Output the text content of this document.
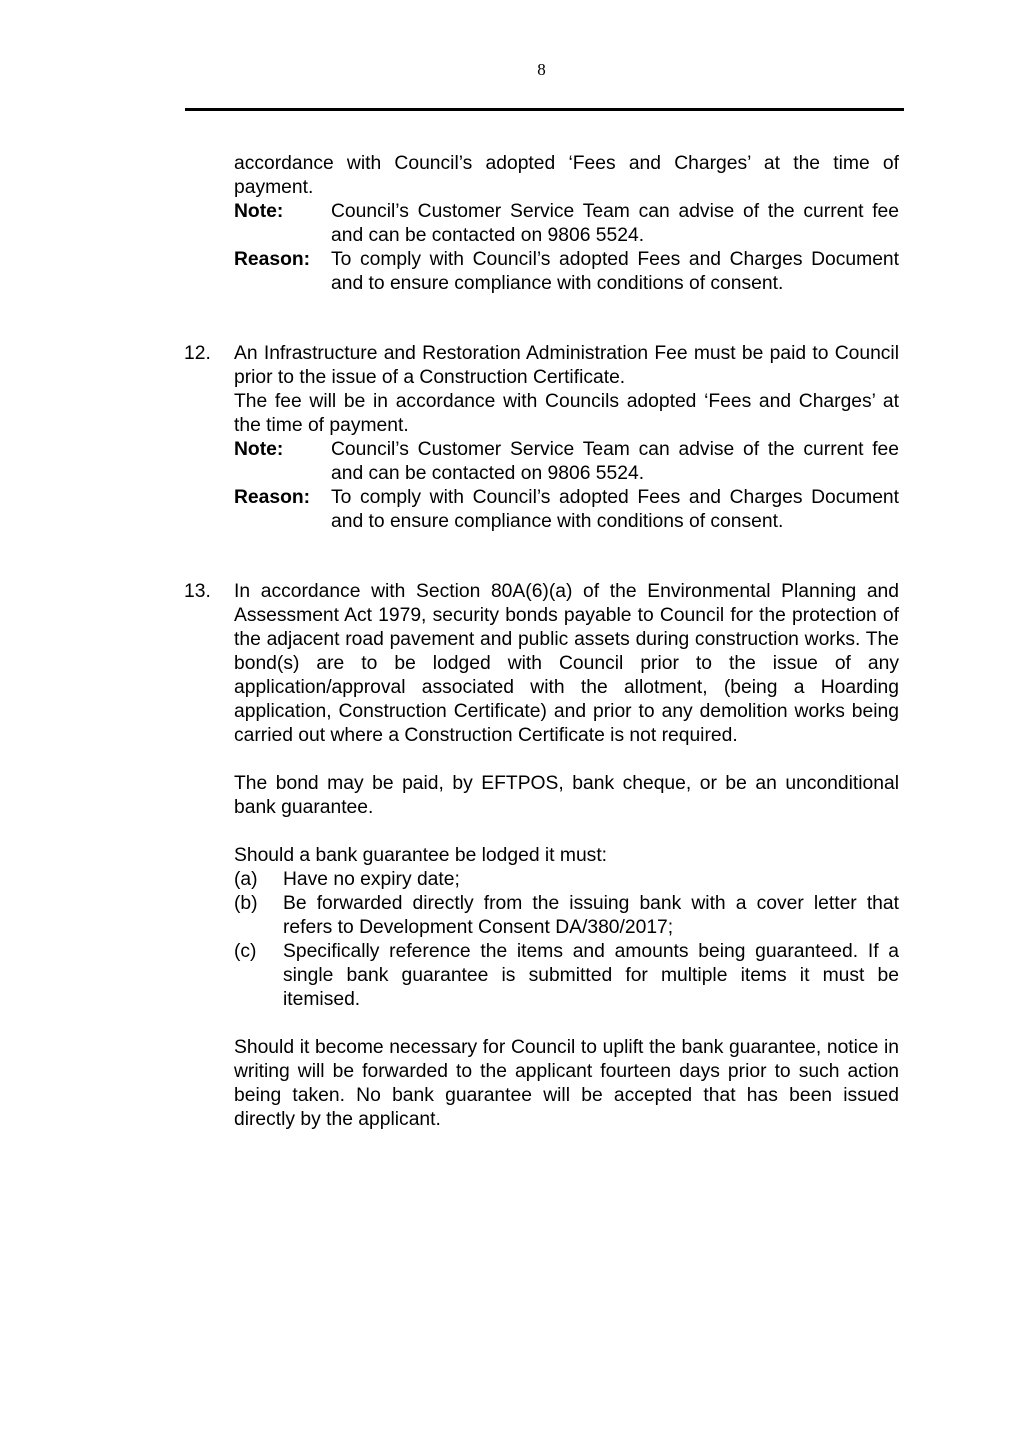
8

accordance with Council’s adopted ‘Fees and Charges’ at the time of payment.

Note:	Council’s Customer Service Team can advise of the current fee and can be contacted on 9806 5524.
Reason:	To comply with Council’s adopted Fees and Charges Document and to ensure compliance with conditions of consent.
12. An Infrastructure and Restoration Administration Fee must be paid to Council prior to the issue of a Construction Certificate.

The fee will be in accordance with Councils adopted ‘Fees and Charges’ at the time of payment.

Note:	Council’s Customer Service Team can advise of the current fee and can be contacted on 9806 5524.
Reason:	To comply with Council’s adopted Fees and Charges Document and to ensure compliance with conditions of consent.
13. In accordance with Section 80A(6)(a) of the Environmental Planning and Assessment Act 1979, security bonds payable to Council for the protection of the adjacent road pavement and public assets during construction works. The bond(s) are to be lodged with Council prior to the issue of any application/approval associated with the allotment, (being a Hoarding application, Construction Certificate) and prior to any demolition works being carried out where a Construction Certificate is not required.

The bond may be paid, by EFTPOS, bank cheque, or be an unconditional bank guarantee.

Should a bank guarantee be lodged it must:

(a)	Have no expiry date;
(b)	Be forwarded directly from the issuing bank with a cover letter that refers to Development Consent DA/380/2017;
(c)	Specifically reference the items and amounts being guaranteed. If a single bank guarantee is submitted for multiple items it must be itemised.

Should it become necessary for Council to uplift the bank guarantee, notice in writing will be forwarded to the applicant fourteen days prior to such action being taken. No bank guarantee will be accepted that has been issued directly by the applicant.
